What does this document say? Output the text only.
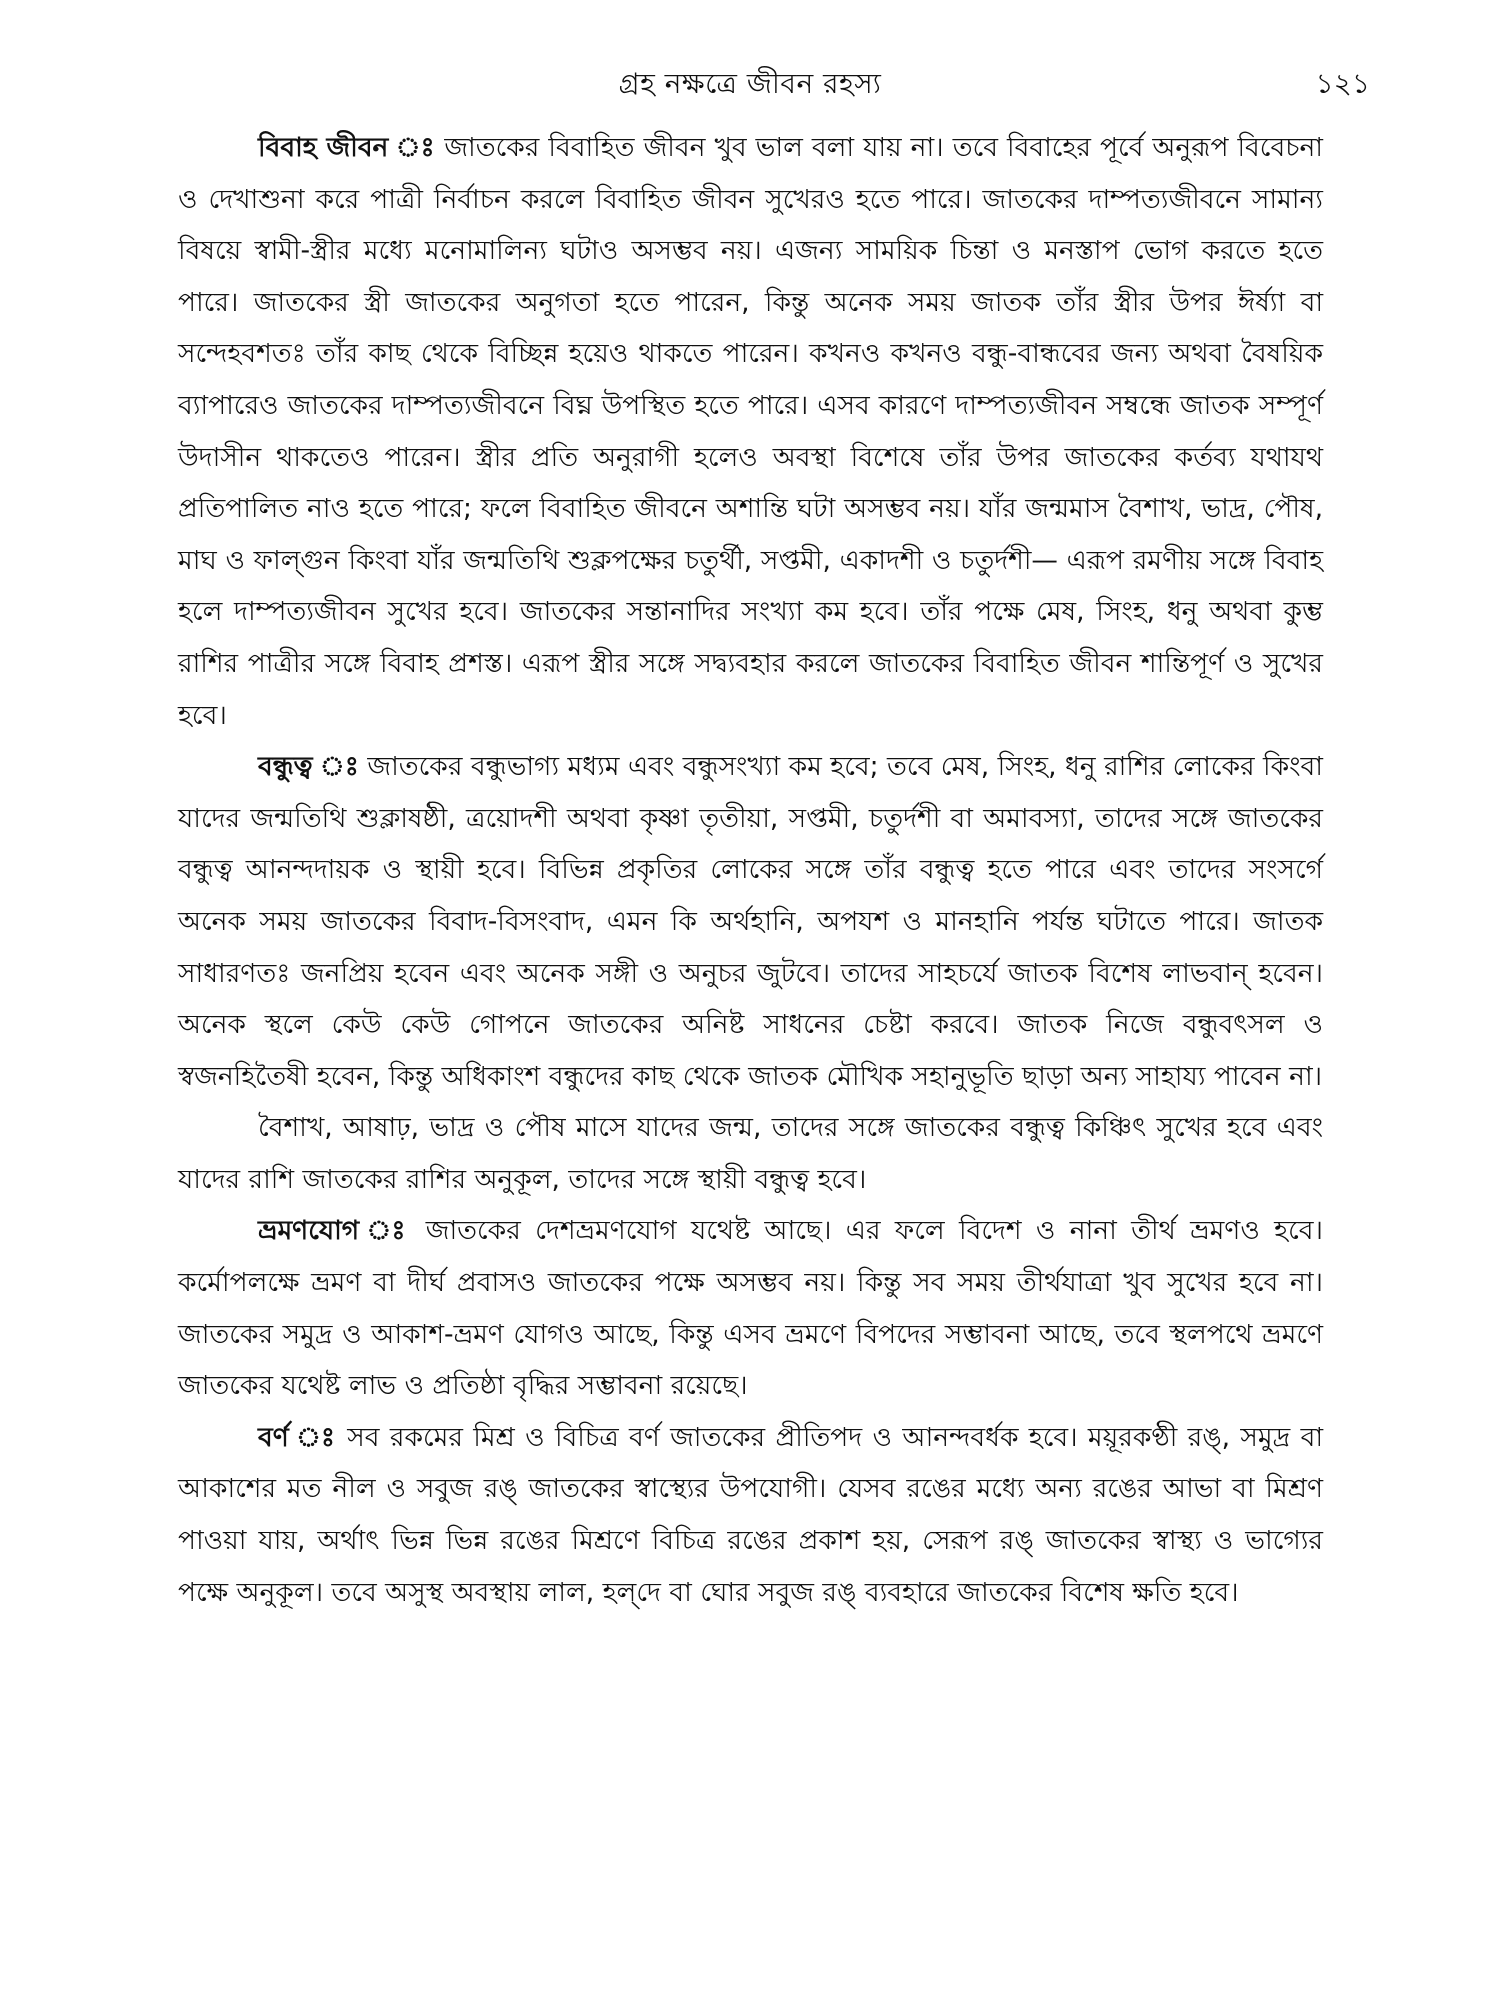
গ্রহ নক্ষত্রে জীবন রহস্য	১২১

বিবাহ জীবন ঃ জাতকের বিবাহিত জীবন খুব ভাল বলা যায় না। তবে বিবাহের পূর্বে অনুরূপ বিবেচনা ও দেখাশুনা করে পাত্রী নির্বাচন করলে বিবাহিত জীবন সুখেরও হতে পারে। জাতকের দাম্পত্যজীবনে সামান্য বিষয়ে স্বামী-স্ত্রীর মধ্যে মনোমালিন্য ঘটাও অসম্ভব নয়। এজন্য সাময়িক চিন্তা ও মনস্তাপ ভোগ করতে হতে পারে। জাতকের স্ত্রী জাতকের অনুগতা হতে পারেন, কিন্তু অনেক সময় জাতক তাঁর স্ত্রীর উপর ঈর্ষ্যা বা সন্দেহবশতঃ তাঁর কাছ থেকে বিচ্ছিন্ন হয়েও থাকতে পারেন। কখনও কখনও বন্ধু-বান্ধবের জন্য অথবা বৈষয়িক ব্যাপারেও জাতকের দাম্পত্যজীবনে বিঘ্ন উপস্থিত হতে পারে। এসব কারণে দাম্পত্যজীবন সম্বন্ধে জাতক সম্পূর্ণ উদাসীন থাকতেও পারেন। স্ত্রীর প্রতি অনুরাগী হলেও অবস্থা বিশেষে তাঁর উপর জাতকের কর্তব্য যথাযথ প্রতিপালিত নাও হতে পারে; ফলে বিবাহিত জীবনে অশান্তি ঘটা অসম্ভব নয়। যাঁর জন্মমাস বৈশাখ, ভাদ্র, পৌষ, মাঘ ও ফাল্গুন কিংবা যাঁর জন্মতিথি শুক্লপক্ষের চতুর্থী, সপ্তমী, একাদশী ও চতুর্দশী— এরূপ রমণীয় সঙ্গে বিবাহ হলে দাম্পত্যজীবন সুখের হবে। জাতকের সন্তানাদির সংখ্যা কম হবে। তাঁর পক্ষে মেষ, সিংহ, ধনু অথবা কুম্ভ রাশির পাত্রীর সঙ্গে বিবাহ প্রশস্ত। এরূপ স্ত্রীর সঙ্গে সদ্ব্যবহার করলে জাতকের বিবাহিত জীবন শান্তিপূর্ণ ও সুখের হবে।

বন্ধুত্ব ঃ জাতকের বন্ধুভাগ্য মধ্যম এবং বন্ধুসংখ্যা কম হবে; তবে মেষ, সিংহ, ধনু রাশির লোকের কিংবা যাদের জন্মতিথি শুক্লাষষ্ঠী, ত্রয়োদশী অথবা কৃষ্ণা তৃতীয়া, সপ্তমী, চতুর্দশী বা অমাবস্যা, তাদের সঙ্গে জাতকের বন্ধুত্ব আনন্দদায়ক ও স্থায়ী হবে। বিভিন্ন প্রকৃতির লোকের সঙ্গে তাঁর বন্ধুত্ব হতে পারে এবং তাদের সংসর্গে অনেক সময় জাতকের বিবাদ-বিসংবাদ, এমন কি অর্থহানি, অপযশ ও মানহানি পর্যন্ত ঘটাতে পারে। জাতক সাধারণতঃ জনপ্রিয় হবেন এবং অনেক সঙ্গী ও অনুচর জুটবে। তাদের সাহচর্যে জাতক বিশেষ লাভবান্ হবেন। অনেক স্থলে কেউ কেউ গোপনে জাতকের অনিষ্ট সাধনের চেষ্টা করবে। জাতক নিজে বন্ধুবৎসল ও স্বজনহিতৈষী হবেন, কিন্তু অধিকাংশ বন্ধুদের কাছ থেকে জাতক মৌখিক সহানুভূতি ছাড়া অন্য সাহায্য পাবেন না।

বৈশাখ, আষাঢ়, ভাদ্র ও পৌষ মাসে যাদের জন্ম, তাদের সঙ্গে জাতকের বন্ধুত্ব কিঞ্চিৎ সুখের হবে এবং যাদের রাশি জাতকের রাশির অনুকূল, তাদের সঙ্গে স্থায়ী বন্ধুত্ব হবে।

ভ্রমণযোগ ঃ জাতকের দেশভ্রমণযোগ যথেষ্ট আছে। এর ফলে বিদেশ ও নানা তীর্থ ভ্রমণও হবে। কর্মোপলক্ষে ভ্রমণ বা দীর্ঘ প্রবাসও জাতকের পক্ষে অসম্ভব নয়। কিন্তু সব সময় তীর্থযাত্রা খুব সুখের হবে না। জাতকের সমুদ্র ও আকাশ-ভ্রমণ যোগও আছে, কিন্তু এসব ভ্রমণে বিপদের সম্ভাবনা আছে, তবে স্থলপথে ভ্রমণে জাতকের যথেষ্ট লাভ ও প্রতিষ্ঠা বৃদ্ধির সম্ভাবনা রয়েছে।

বর্ণ ঃ সব রকমের মিশ্র ও বিচিত্র বর্ণ জাতকের প্রীতিপদ ও আনন্দবর্ধক হবে। ময়ূরকণ্ঠী রঙ্, সমুদ্র বা আকাশের মত নীল ও সবুজ রঙ্ জাতকের স্বাস্থ্যের উপযোগী। যেসব রঙের মধ্যে অন্য রঙের আভা বা মিশ্রণ পাওয়া যায়, অর্থাৎ ভিন্ন ভিন্ন রঙের মিশ্রণে বিচিত্র রঙের প্রকাশ হয়, সেরূপ রঙ্ জাতকের স্বাস্থ্য ও ভাগ্যের পক্ষে অনুকূল। তবে অসুস্থ অবস্থায় লাল, হল্‌দে বা ঘোর সবুজ রঙ্ ব্যবহারে জাতকের বিশেষ ক্ষতি হবে।
